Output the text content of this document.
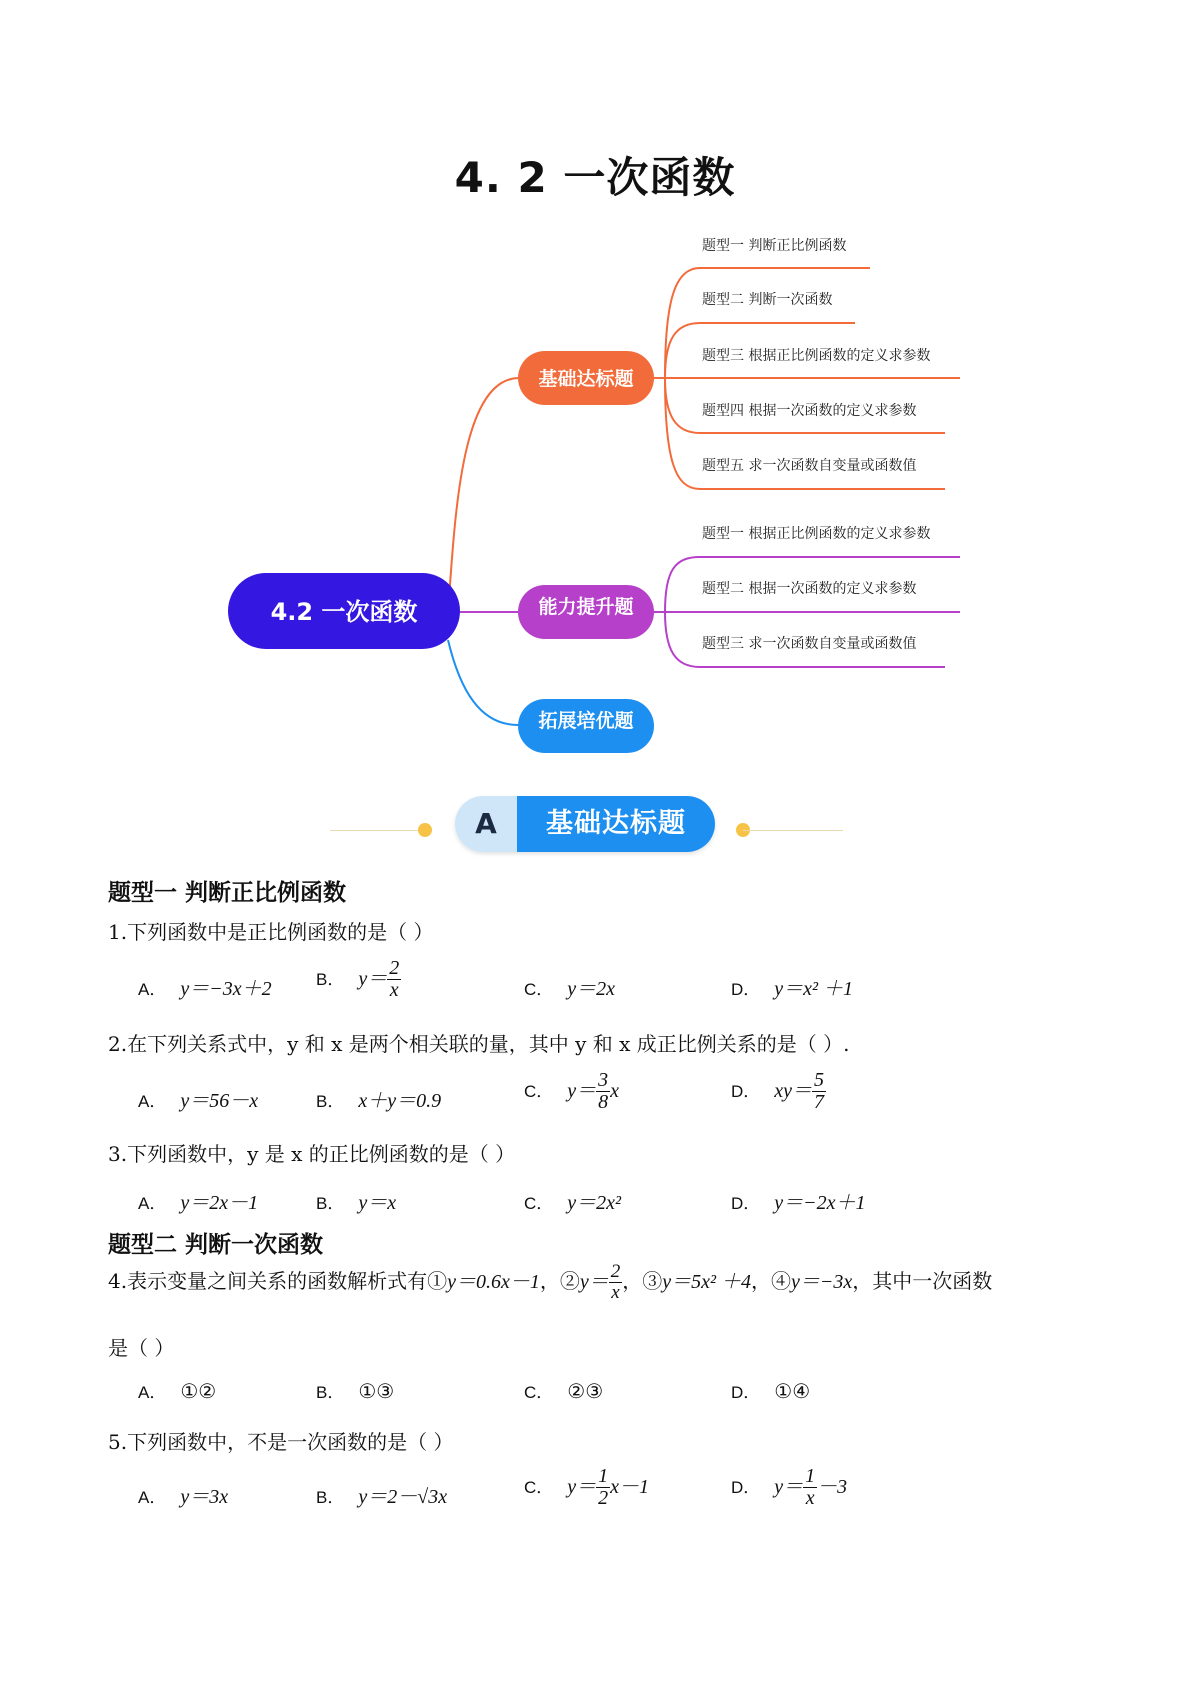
4. 2 一次函数
4.2 一次函数
基础达标题
能力提升题
拓展培优题
题型一 判断正比例函数
题型二 判断一次函数
题型三 根据正比例函数的定义求参数
题型四 根据一次函数的定义求参数
题型五 求一次函数自变量或函数值
题型一 根据正比例函数的定义求参数
题型二 根据一次函数的定义求参数
题型三 求一次函数自变量或函数值
A	基础达标题
题型一 判断正比例函数
1.下列函数中是正比例函数的是（ ）
A． y＝−3x＋2	B． $y= \frac{2}{x}$	C． y＝2x	D． y＝x² ＋1
2.在下列关系式中，y 和 x 是两个相关联的量，其中 y 和 x 成正比例关系的是（ ）.
A． y＝56－x	B． x＋y＝0.9	C． $y= \frac{3}{8}$ x	D． $xy= \frac{5}{7}$
3.下列函数中，y 是 x 的正比例函数的是（ ）
A． y＝2x－1	B． y＝x	C． y＝2x²	D． y＝−2x＋1
题型二 判断一次函数
4.表示变量之间关系的函数解析式有①y＝0.6x－1，②y＝ $\frac{2}{x}$ ，③y＝5x² ＋4，④y＝−3x，其中一次函数
是（ ）
A． ①②	B． ①③	C． ②③	D． ①④
5.下列函数中，不是一次函数的是（ ）
A． y＝3x	B． y＝2－√3x	C． $y= \frac{1}{2} x-1$	D． $y= \frac{1}{x} -3$
